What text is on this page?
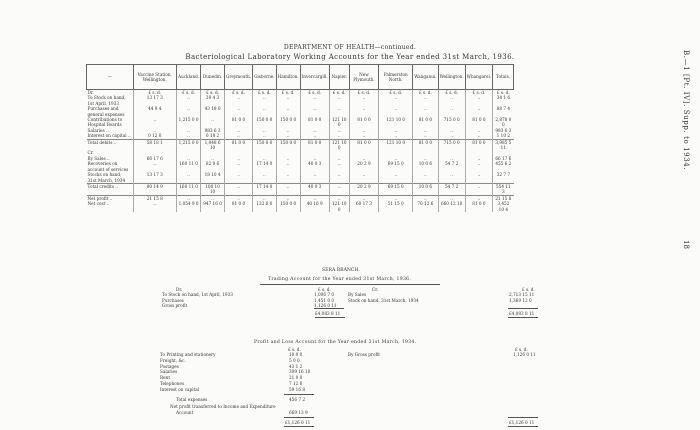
DEPARTMENT OF HEALTH—continued.
Bacteriological Laboratory Working Accounts for the Year ended 31st March, 1936.	B.—1 [Pt. IV]. Supp. to 1934.
18
—	Vaccine Station, Wellington.	Auckland.	Dunedin.	Greymouth.	Gisborne.	Hamilton.	Invercargill.	Napier.	New Plymouth.	Palmerston North.	Wanganui.	Wellington.	Whangarei.	Totals.
Dr.	£ s. d.	£ s. d.	£ s. d.	£ s. d.	£ s. d.	£ s. d.	£ s. d.	£ s. d.	£ s. d.	£ s. d.	£ s. d.	£ s. d.	£ s. d.	£ s. d.
To Stock on hand, 1st April, 1933	13 17 3	..	20 4 3	..	..	..	..	..	..	..	..	..	..	34 1 6
Purchases and general expenses	44 9 4	..	43 18 0	..	..	..	..	..	..	..	..	..	..	88 7 4
Contributions to Hospital Boards	..	1,215 0 0	..	81 0 0	150 0 0	150 0 0	81 0 0	121 10 0	81 0 0	121 10 0	81 0 0	715 0 0	81 0 0	2,878 0 0
Salaries ..	..	..	983 6 3	..	..	..	..	..	..	..	..	..	..	983 6 3
Interest on capital ..	0 12 0	..	0 18 2	..	..	..	..	..	..	..	..	..	..	1 10 2
Total debits ..	58 18 1	1,215 0 0	1,048 6 10	81 0 0	150 0 0	150 0 0	81 0 0	121 10 0	81 0 0	121 10 0	81 0 0	715 0 0	81 0 0	3,985 5 11
Cr.														
By Sales ..	66 17 6	..	..	..	..	..	..	..	..	..	..	..	..	66 17 6
Recoveries on account of services	..	160 11 0	82 0 6	..	17 14 0	..	40 0 3	..	20 2 9	69 15 0	10 0 6	54 7 2	..	455 6 2
Stocks on hand, 31st March, 1934	13 17 3	..	18 10 4	..	..	..	..	..	..	..	..	..	..	32 7 7
Total credits ..	80 14 9	160 11 0	100 10 10	..	17 14 0	..	40 0 3	..	20 2 9	69 15 0	10 0 6	54 7 2	..	554 11 3
Net profit ..	21 15 8	..	..	..	..	..	..	..	..	..	..	..	..	21 15 8
Net cost ..	..	1,054 9 0	947 16 0	81 0 0	132 6 0	150 0 0	40 16 9	121 10 0	60 17 3	51 15 0	70 12 6	660 12 10	81 0 0	3,452 10 4
SERA BRANCH.
Trading Account for the Year ended 31st March, 1936.
Dr.	£ s. d.	Cr.	£ s. d.
To Stock on hand, 1st April, 1933	1,006 7 0
Purchases	1,451 0 0
Gross profit	1,126 0 11
By Sales	2,713 15 11
Stock on hand, 31st March, 1934	1,369 12 0
£4,083 8 11	£4,083 8 11
Profit and Loss Account for the Year ended 31st March, 1934.
£ s. d.	£ s. d.
To Printing and stationery	10 0 0
Freight, &c.	5 0 0
Postages	43 1 2
Salaries	309 16 10
Rent	21 0 0
Telephones	7 12 6
Interest on capital	59 16 8
By Gross profit	1,126 0 11
Total expenses	456 7 2
Net profit transferred to Income and Expenditure
Account	669 13 9
£1,126 0 11	£1,126 0 11
